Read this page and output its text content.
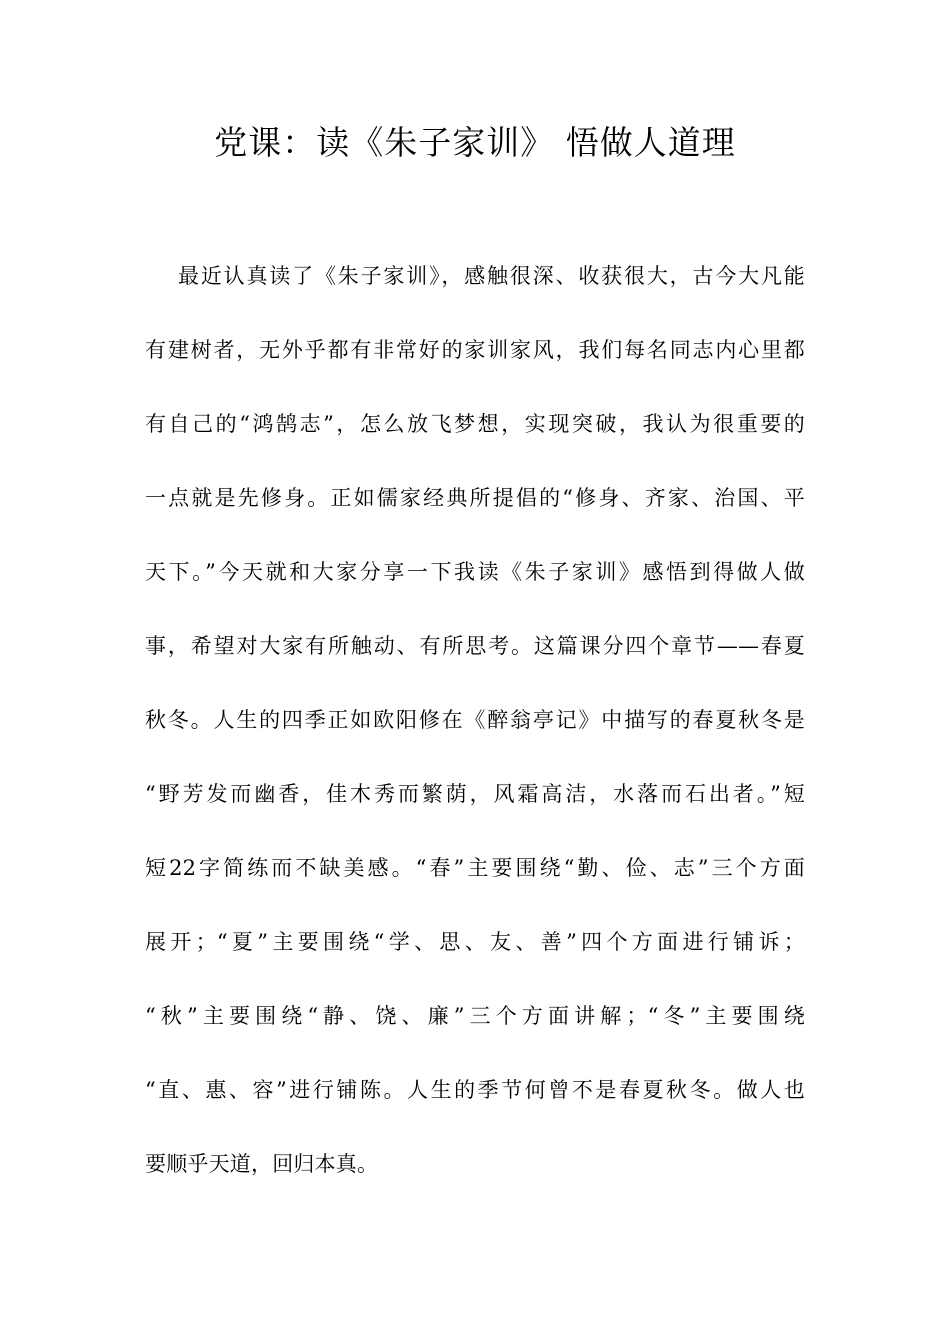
党课：读《朱子家训》 悟做人道理
最近认真读了《朱子家训》，感触很深、收获很大，古今大凡能
有建树者，无外乎都有非常好的家训家风，我们每名同志内心里都
有自己的“鸿鹄志”，怎么放飞梦想，实现突破，我认为很重要的
一点就是先修身。正如儒家经典所提倡的“修身、齐家、治国、平
天下。”今天就和大家分享一下我读《朱子家训》感悟到得做人做
事，希望对大家有所触动、有所思考。这篇课分四个章节——春夏
秋冬。人生的四季正如欧阳修在《醉翁亭记》中描写的春夏秋冬是
“野芳发而幽香，佳木秀而繁荫，风霜高洁，水落而石出者。”短
短22字简练而不缺美感。“春”主要围绕“勤、俭、志”三个方面
展开；“夏”主要围绕“学、思、友、善”四个方面进行铺诉；
“秋”主要围绕“静、饶、廉”三个方面讲解；“冬”主要围绕
“直、惠、容”进行铺陈。人生的季节何曾不是春夏秋冬。做人也
要顺乎天道，回归本真。
